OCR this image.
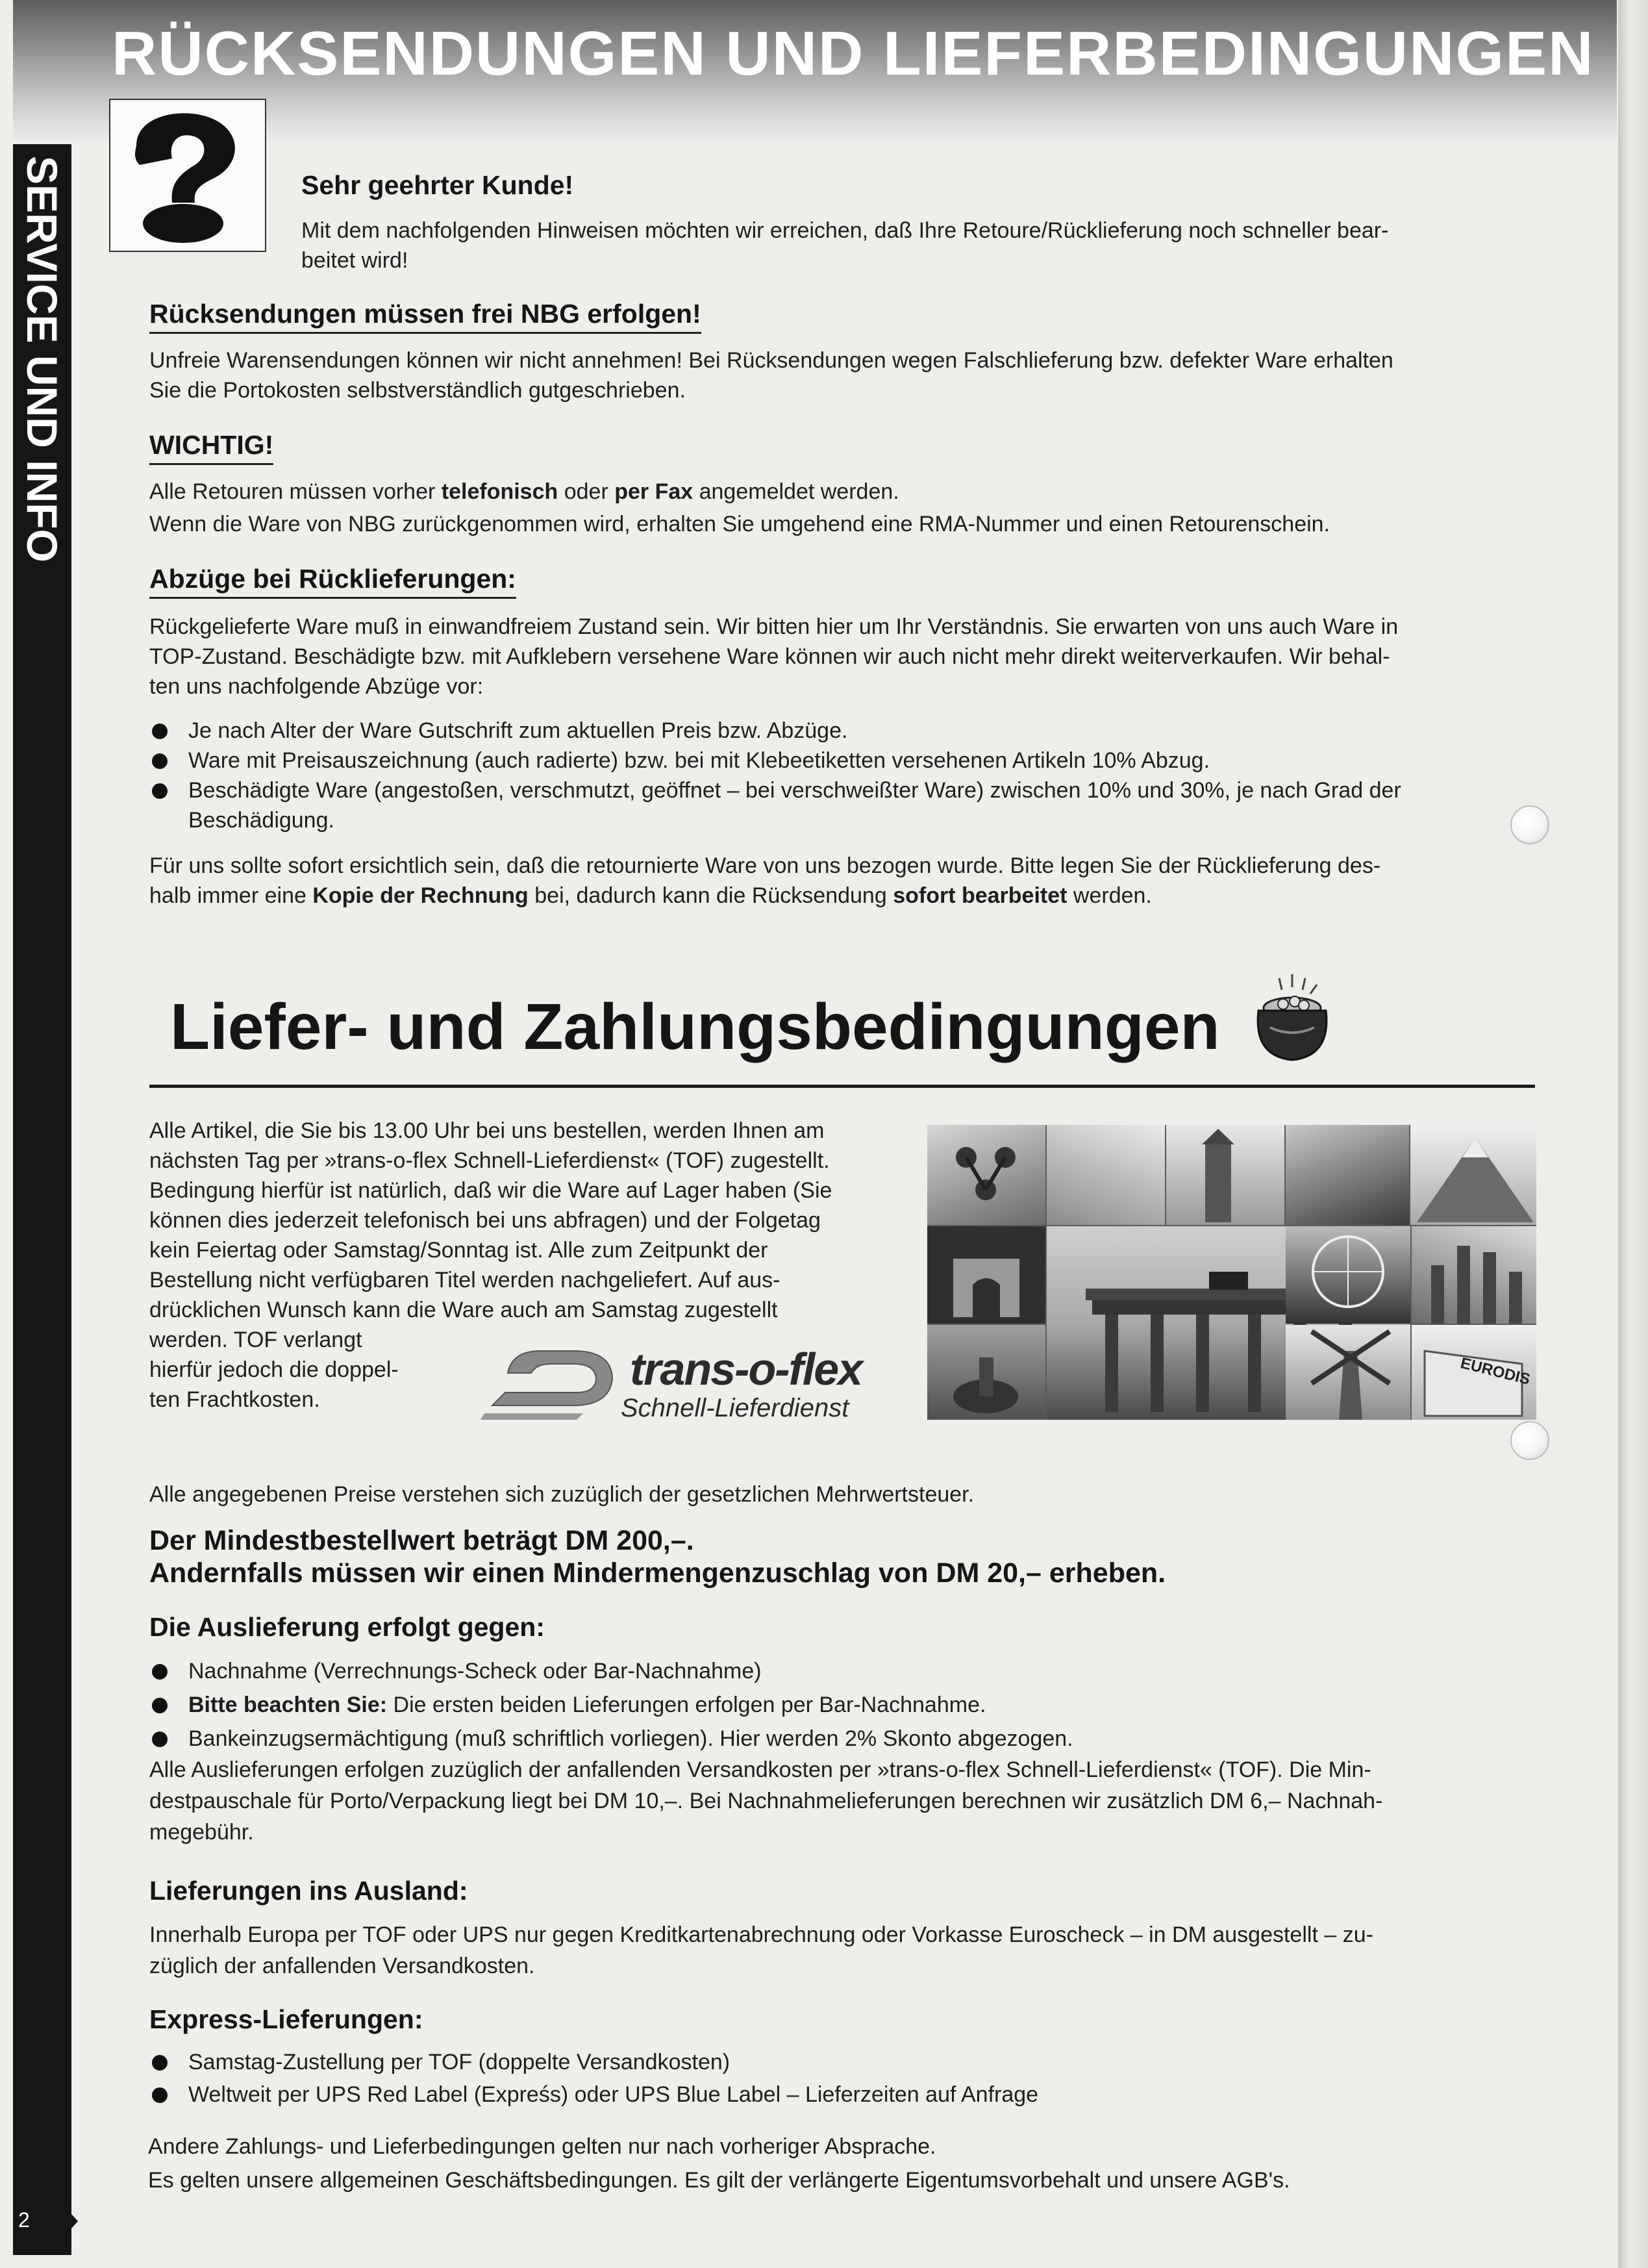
RÜCKSENDUNGEN UND LIEFERBEDINGUNGEN
SERVICE UND INFO
2
Sehr geehrter Kunde!
Mit dem nachfolgenden Hinweisen möchten wir erreichen, daß Ihre Retoure/Rücklieferung noch schneller bear-
beitet wird!
Rücksendungen müssen frei NBG erfolgen!
Unfreie Warensendungen können wir nicht annehmen! Bei Rücksendungen wegen Falschlieferung bzw. defekter Ware erhalten
Sie die Portokosten selbstverständlich gutgeschrieben.
WICHTIG!
Alle Retouren müssen vorher telefonisch oder per Fax angemeldet werden.
Wenn die Ware von NBG zurückgenommen wird, erhalten Sie umgehend eine RMA-Nummer und einen Retourenschein.
Abzüge bei Rücklieferungen:
Rückgelieferte Ware muß in einwandfreiem Zustand sein. Wir bitten hier um Ihr Verständnis. Sie erwarten von uns auch Ware in
TOP-Zustand. Beschädigte bzw. mit Aufklebern versehene Ware können wir auch nicht mehr direkt weiterverkaufen. Wir behal-
ten uns nachfolgende Abzüge vor:
Je nach Alter der Ware Gutschrift zum aktuellen Preis bzw. Abzüge.
Ware mit Preisauszeichnung (auch radierte) bzw. bei mit Klebeetiketten versehenen Artikeln 10% Abzug.
Beschädigte Ware (angestoßen, verschmutzt, geöffnet – bei verschweißter Ware) zwischen 10% und 30%, je nach Grad der
Beschädigung.
Für uns sollte sofort ersichtlich sein, daß die retournierte Ware von uns bezogen wurde. Bitte legen Sie der Rücklieferung des-
halb immer eine Kopie der Rechnung bei, dadurch kann die Rücksendung sofort bearbeitet werden.
Liefer- und Zahlungsbedingungen
Alle Artikel, die Sie bis 13.00 Uhr bei uns bestellen, werden Ihnen am
nächsten Tag per »trans-o-flex Schnell-Lieferdienst« (TOF) zugestellt.
Bedingung hierfür ist natürlich, daß wir die Ware auf Lager haben (Sie
können dies jederzeit telefonisch bei uns abfragen) und der Folgetag
kein Feiertag oder Samstag/Sonntag ist. Alle zum Zeitpunkt der
Bestellung nicht verfügbaren Titel werden nachgeliefert. Auf aus-
drücklichen Wunsch kann die Ware auch am Samstag zugestellt
werden. TOF verlangt
hierfür jedoch die doppel-
ten Frachtkosten.
trans-o-flex
Schnell-Lieferdienst
EURODIS
Alle angegebenen Preise verstehen sich zuzüglich der gesetzlichen Mehrwertsteuer.
Der Mindestbestellwert beträgt DM 200,–.
Andernfalls müssen wir einen Mindermengenzuschlag von DM 20,– erheben.
Die Auslieferung erfolgt gegen:
Nachnahme (Verrechnungs-Scheck oder Bar-Nachnahme)
Bitte beachten Sie: Die ersten beiden Lieferungen erfolgen per Bar-Nachnahme.
Bankeinzugsermächtigung (muß schriftlich vorliegen). Hier werden 2% Skonto abgezogen.
Alle Auslieferungen erfolgen zuzüglich der anfallenden Versandkosten per »trans-o-flex Schnell-Lieferdienst« (TOF). Die Min-
destpauschale für Porto/Verpackung liegt bei DM 10,–. Bei Nachnahmelieferungen berechnen wir zusätzlich DM 6,– Nachnah-
megebühr.
Lieferungen ins Ausland:
Innerhalb Europa per TOF oder UPS nur gegen Kreditkartenabrechnung oder Vorkasse Euroscheck – in DM ausgestellt – zu-
züglich der anfallenden Versandkosten.
Express-Lieferungen:
Samstag-Zustellung per TOF (doppelte Versandkosten)
Weltweit per UPS Red Label (Expreśs) oder UPS Blue Label – Lieferzeiten auf Anfrage
Andere Zahlungs- und Lieferbedingungen gelten nur nach vorheriger Absprache.
Es gelten unsere allgemeinen Geschäftsbedingungen. Es gilt der verlängerte Eigentumsvorbehalt und unsere AGB's.
